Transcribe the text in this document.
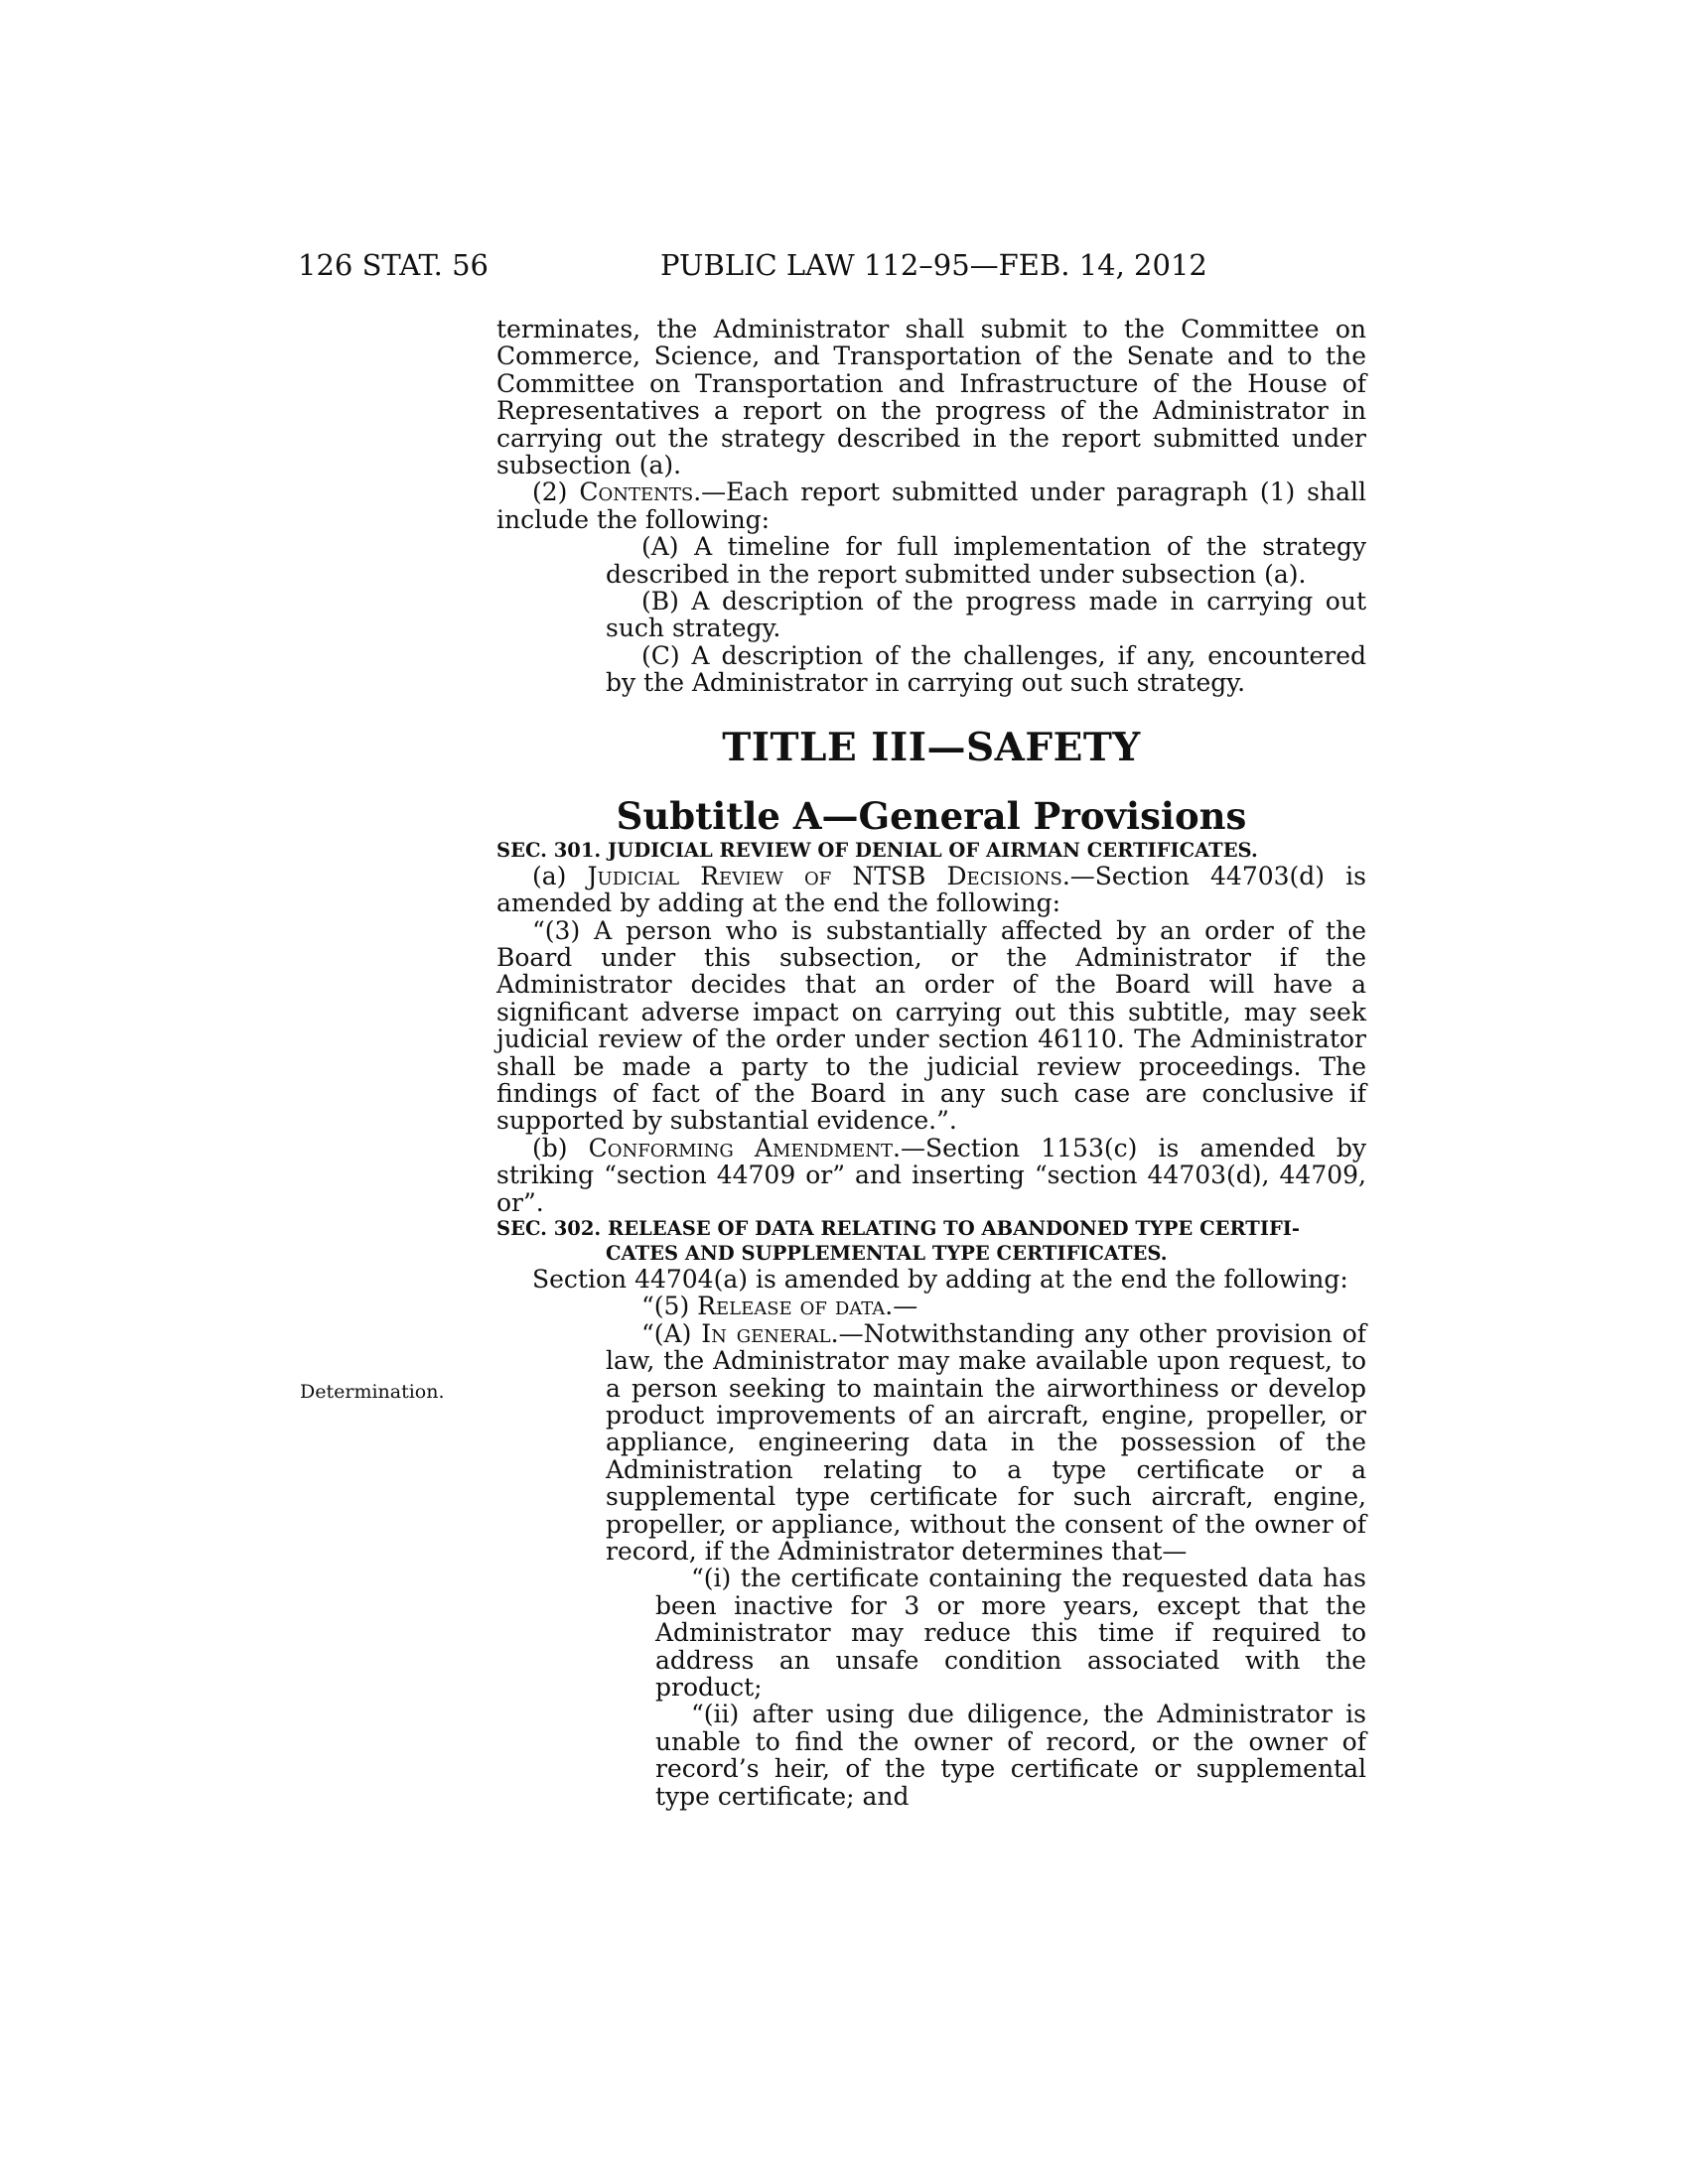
126 STAT. 56	PUBLIC LAW 112–95—FEB. 14, 2012
Determination.

terminates, the Administrator shall submit to the Committee on Commerce, Science, and Transportation of the Senate and to the Committee on Transportation and Infrastructure of the House of Representatives a report on the progress of the Administrator in carrying out the strategy described in the report submitted under subsection (a).

(2) Contents.—Each report submitted under paragraph (1) shall include the following:

(A) A timeline for full implementation of the strategy described in the report submitted under subsection (a).

(B) A description of the progress made in carrying out such strategy.

(C) A description of the challenges, if any, encountered by the Administrator in carrying out such strategy.

TITLE III—SAFETY
Subtitle A—General Provisions

SEC. 301. JUDICIAL REVIEW OF DENIAL OF AIRMAN CERTIFICATES.

(a) Judicial Review of NTSB Decisions.—Section 44703(d) is amended by adding at the end the following:

“(3) A person who is substantially affected by an order of the Board under this subsection, or the Administrator if the Administrator decides that an order of the Board will have a significant adverse impact on carrying out this subtitle, may seek judicial review of the order under section 46110. The Administrator shall be made a party to the judicial review proceedings. The findings of fact of the Board in any such case are conclusive if supported by substantial evidence.”.

(b) Conforming Amendment.—Section 1153(c) is amended by striking “section 44709 or” and inserting “section 44703(d), 44709, or”.

SEC. 302. RELEASE OF DATA RELATING TO ABANDONED TYPE CERTIFI-
CATES AND SUPPLEMENTAL TYPE CERTIFICATES.

Section 44704(a) is amended by adding at the end the following:

“(5) Release of data.—

“(A) In general.—Notwithstanding any other provision of law, the Administrator may make available upon request, to a person seeking to maintain the airworthiness or develop product improvements of an aircraft, engine, propeller, or appliance, engineering data in the possession of the Administration relating to a type certificate or a supplemental type certificate for such aircraft, engine, propeller, or appliance, without the consent of the owner of record, if the Administrator determines that—

“(i) the certificate containing the requested data has been inactive for 3 or more years, except that the Administrator may reduce this time if required to address an unsafe condition associated with the product;

“(ii) after using due diligence, the Administrator is unable to find the owner of record, or the owner of record’s heir, of the type certificate or supplemental type certificate; and
